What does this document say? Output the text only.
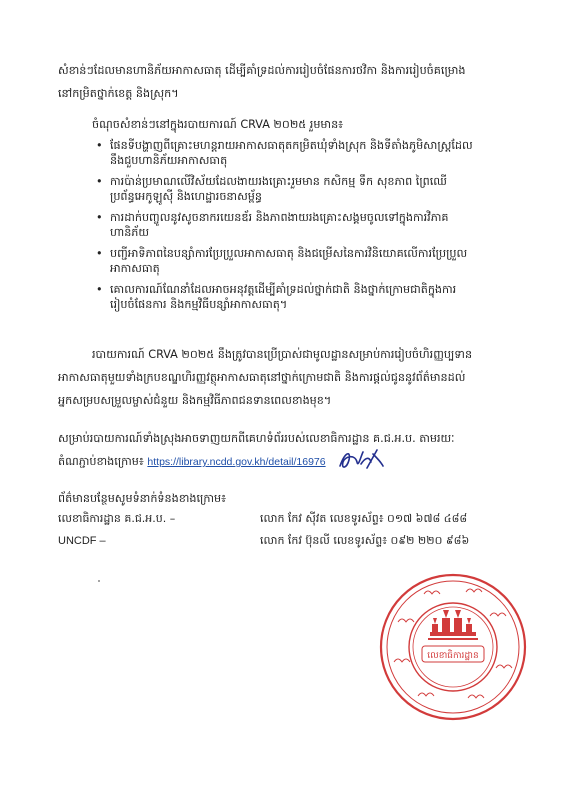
សំខាន់ៗដែលមានហានិភ័យអាកាសធាតុ ដើម្បីគាំទ្រដល់ការរៀបចំផែនការថវិកា និងការរៀបចំគម្រោង
នៅកម្រិតថ្នាក់ខេត្ត និងស្រុក។
ចំណុចសំខាន់ៗនៅក្នុងរបាយការណ៍ CRVA ២០២៥ រួមមាន៖
• ផែនទីបង្ហាញពីគ្រោះមហន្តរាយអាកាសធាតុតកម្រិតឃុំទាំងស្រុក និងទីតាំងភូមិសាស្ត្រដែល
នឹងជួបហានិភ័យអាកាសធាតុ
• ការប៉ាន់ប្រមាណលើវិស័យដែលងាយរងគ្រោះរួមមាន កសិកម្ម ទឹក សុខភាព ព្រៃឈើ
ប្រព័ន្ធអេកូឡូស៊ី និងហេដ្ឋារចនាសម្ព័ន្ធ
• ការដាក់បញ្ចូលនូវសូចនាករយេនឌ័រ និងភាពងាយរងគ្រោះសង្គមចូលទៅក្នុងការវិភាគ
ហានិភ័យ
• បញ្ជីអាទិភាពនៃបន្សាំការប្រែប្រួលអាកាសធាតុ និងជម្រើសនៃការវិនិយោគលើការប្រែប្រួល
អាកាសធាតុ
• គោលការណ៍ណែនាំដែលអាចអនុវត្តដើម្បីគាំទ្រដល់ថ្នាក់ជាតិ និងថ្នាក់ក្រោមជាតិក្នុងការ
រៀបចំផែនការ និងកម្មវិធីបន្សាំអាកាសធាតុ។
របាយការណ៍ CRVA ២០២៥ នឹងត្រូវបានប្រើប្រាស់ជាមូលដ្ឋានសម្រាប់ការរៀបចំហិរញ្ញប្បទាន
អាកាសធាតុមួយទាំងក្របខណ្ឌហិរញ្ញវត្ថុអាកាសធាតុនៅថ្នាក់ក្រោមជាតិ និងការផ្តល់ជូននូវព័ត៌មានដល់
អ្នកសម្របសម្រួលម្ចាស់ជំនួយ និងកម្មវិធីភាពជនទានពេលខាងមុខ។
សម្រាប់របាយការណ៍ទាំងស្រុងអាចទាញយកពីគេហទំព័ររបស់លេខាធិការដ្ឋាន គ.ជ.អ.ប. តាមរយៈ
តំណភ្ជាប់ខាងក្រោម៖ https://library.ncdd.gov.kh/detail/16976
ព័ត៌មានបន្ថែមសូមទំនាក់ទំនងខាងក្រោម៖
លេខាធិការដ្ឋាន គ.ជ.អ.ប. –	លោក កែវ ស៊ីវត លេខទូរស័ព្ទ៖ ០១៧ ៦៧៨ ៤៨៨
UNCDF –	លោក កែវ ប៊ុនលី លេខទូរស័ព្ទ៖ ០៩២ ២២០ ៩៨៦
លេខាធិការដ្ឋាន
